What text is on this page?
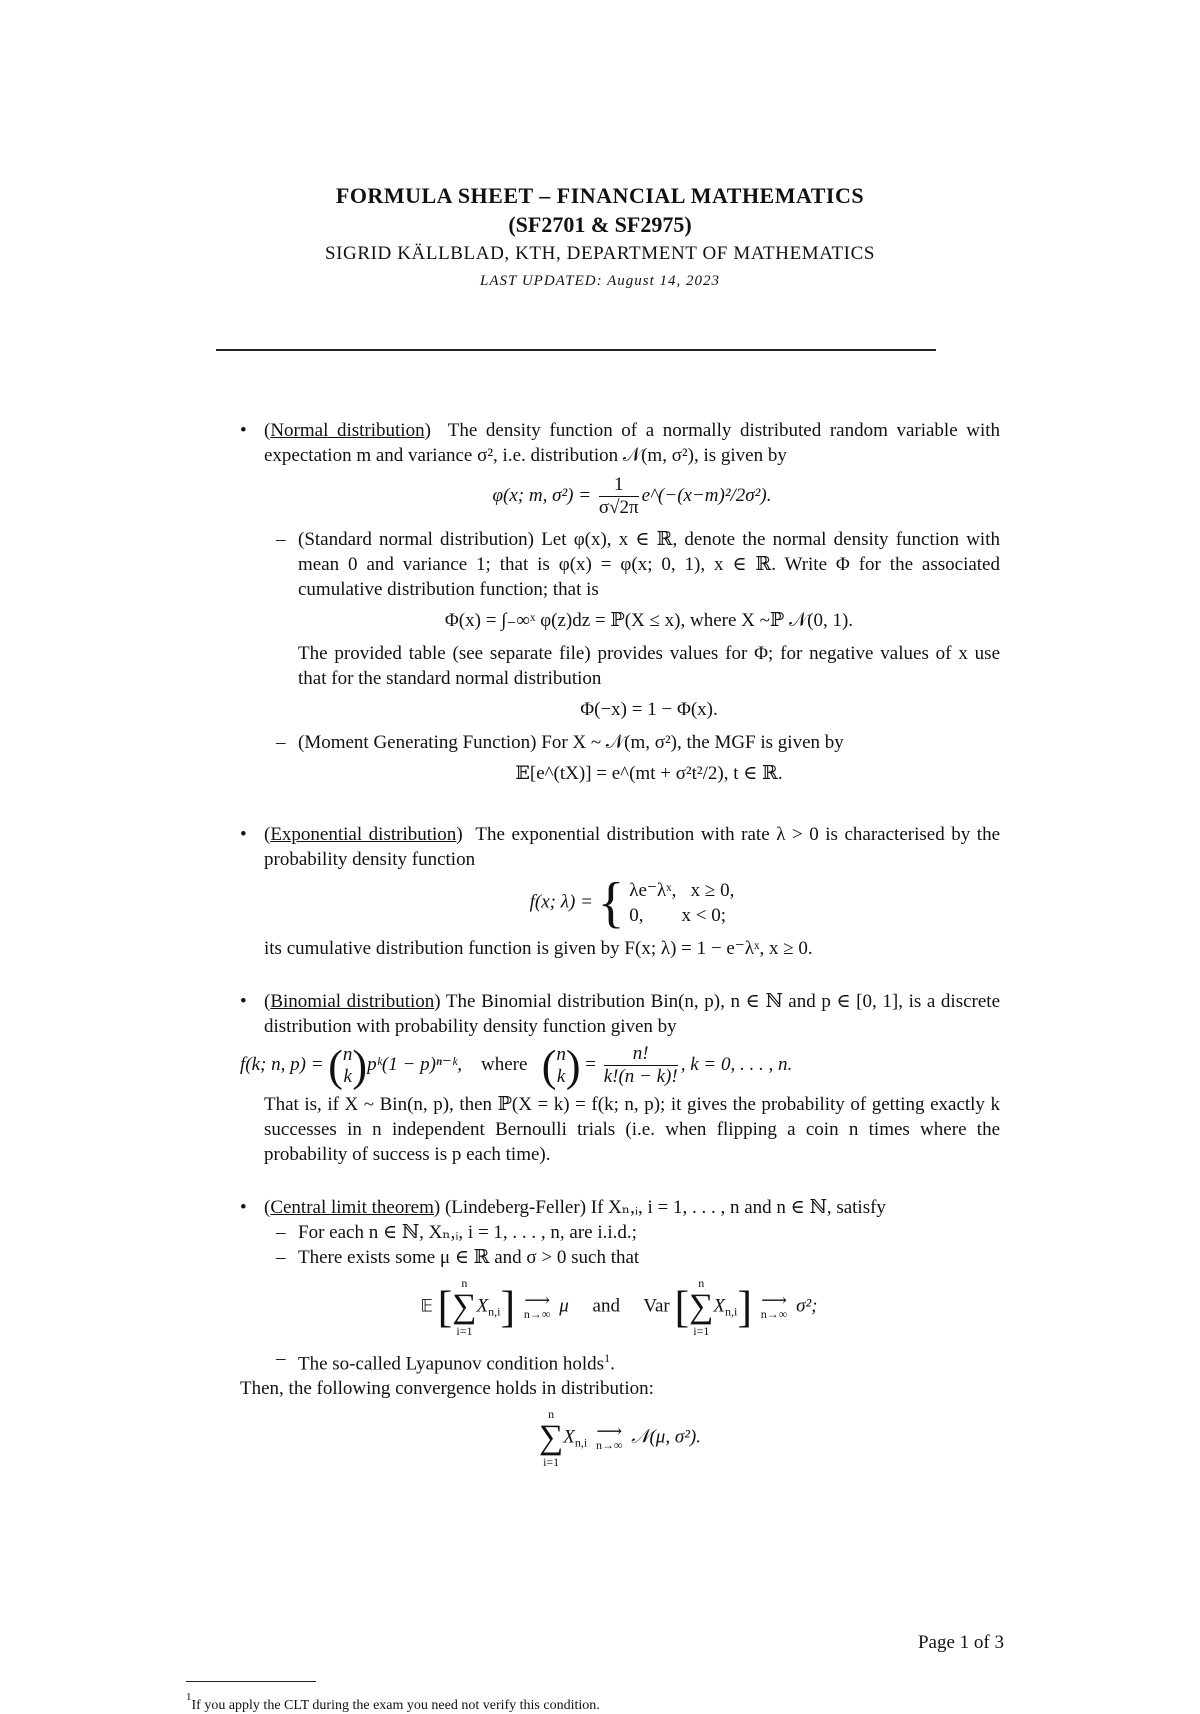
FORMULA SHEET – FINANCIAL MATHEMATICS
(SF2701 & SF2975)
SIGRID KÄLLBLAD, KTH, DEPARTMENT OF MATHEMATICS
LAST UPDATED: August 14, 2023
• (Normal distribution)  The density function of a normally distributed random variable with expectation m and variance σ², i.e. distribution 𝒩(m, σ²), is given by
φ(x; m, $\sigma^2) = \frac{1}{\sigma√2\pi}$ e^(−(x−m)²/2σ²).
– (Standard normal distribution) Let φ(x), x ∈ ℝ, denote the normal density function with mean 0 and variance 1; that is φ(x) = φ(x; 0, 1), x ∈ ℝ. Write Φ for the associated cumulative distribution function; that is
Φ(x) = ∫₋∞ˣ φ(z)dz = ℙ(X ≤ x), where X ~ℙ 𝒩(0, 1).
The provided table (see separate file) provides values for Φ; for negative values of x use that for the standard normal distribution
Φ(−x) = 1 − Φ(x).
– (Moment Generating Function) For X ~ 𝒩(m, σ²), the MGF is given by
𝔼[e^(tX)] = e^(mt + σ²t²/2), t ∈ ℝ.
• (Exponential distribution)  The exponential distribution with rate λ > 0 is characterised by the probability density function
f(x; λ) = { λe⁻λˣ, x ≥ 0,
0, x < 0;
its cumulative distribution function is given by F(x; λ) = 1 − e⁻λˣ, x ≥ 0.
• (Binomial distribution) The Binomial distribution Bin(n, p), n ∈ ℕ and p ∈ [0, 1], is a discrete distribution with probability density function given by
f(k; n, p) = (n
k)pᵏ(1 − p)ⁿ⁻ᵏ, where (n
$k) = \frac{n!}{k!(n - k)!}$ , k = 0, . . . , n.
That is, if X ~ Bin(n, p), then ℙ(X = k) = f(k; n, p); it gives the probability of getting exactly k successes in n independent Bernoulli trials (i.e. when flipping a coin n times where the probability of success is p each time).
• (Central limit theorem) (Lindeberg-Feller) If Xₙ,ᵢ, i = 1, . . . , n and n ∈ ℕ, satisfy
– For each n ∈ ℕ, Xₙ,ᵢ, i = 1, . . . , n, are i.i.d.;
– There exists some μ ∈ ℝ and σ > 0 such that
𝔼 [ n
∑
i=1
$X_{n,i}$] ⟶
n→∞ μ and Var [ n
∑
i=1
$X_{n,i}$] ⟶
n→∞ σ²;
– The so-called Lyapunov condition holds$^1$.
Then, the following convergence holds in distribution:
n
∑
i=1
$X_{n,i}$
⟶
n→∞ 𝒩(μ, σ²).
Page 1 of 3
$^1$If you apply the CLT during the exam you need not verify this condition.
